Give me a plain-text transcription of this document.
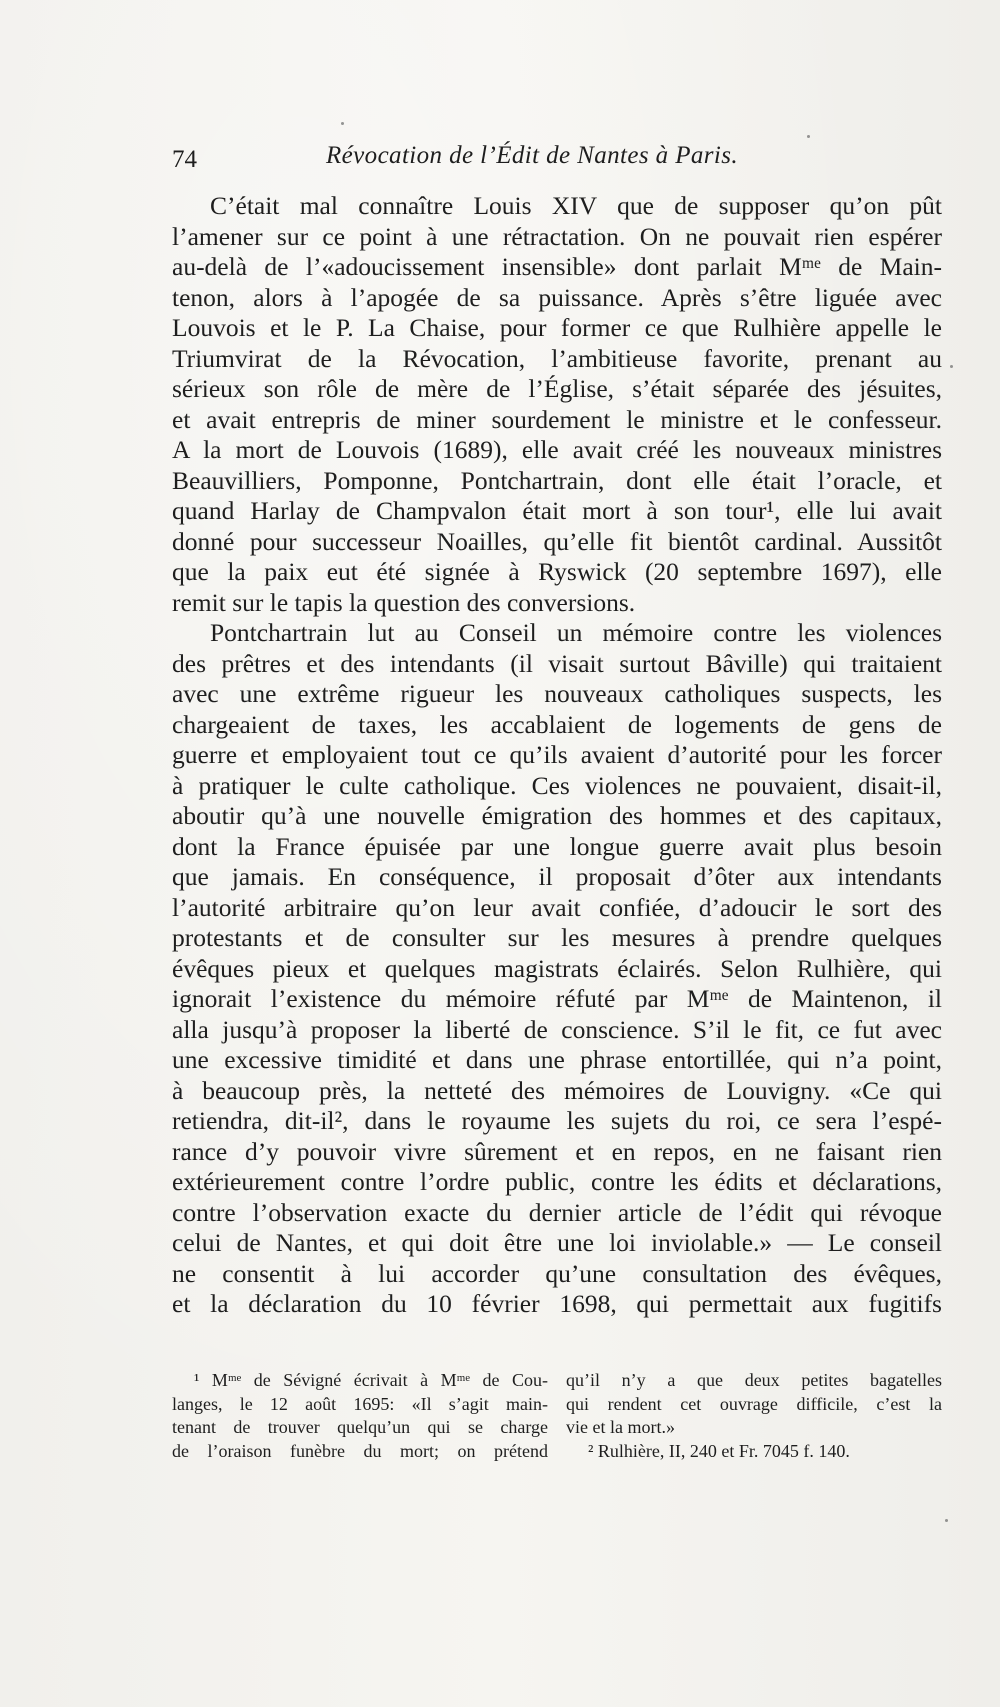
74	Révocation de l’Édit de Nantes à Paris.
C’était mal connaître Louis XIV que de supposer qu’on pût
l’amener sur ce point à une rétractation. On ne pouvait rien espérer
au-delà de l’«adoucissement insensible» dont parlait Mᵐᵉ de Main-
tenon, alors à l’apogée de sa puissance. Après s’être liguée avec
Louvois et le P. La Chaise, pour former ce que Rulhière appelle le
Triumvirat de la Révocation, l’ambitieuse favorite, prenant au
sérieux son rôle de mère de l’Église, s’était séparée des jésuites,
et avait entrepris de miner sourdement le ministre et le confesseur.
A la mort de Louvois (1689), elle avait créé les nouveaux ministres
Beauvilliers, Pomponne, Pontchartrain, dont elle était l’oracle, et
quand Harlay de Champvalon était mort à son tour¹, elle lui avait
donné pour successeur Noailles, qu’elle fit bientôt cardinal. Aussitôt
que la paix eut été signée à Ryswick (20 septembre 1697), elle
remit sur le tapis la question des conversions.
Pontchartrain lut au Conseil un mémoire contre les violences
des prêtres et des intendants (il visait surtout Bâville) qui traitaient
avec une extrême rigueur les nouveaux catholiques suspects, les
chargeaient de taxes, les accablaient de logements de gens de
guerre et employaient tout ce qu’ils avaient d’autorité pour les forcer
à pratiquer le culte catholique. Ces violences ne pouvaient, disait-il,
aboutir qu’à une nouvelle émigration des hommes et des capitaux,
dont la France épuisée par une longue guerre avait plus besoin
que jamais. En conséquence, il proposait d’ôter aux intendants
l’autorité arbitraire qu’on leur avait confiée, d’adoucir le sort des
protestants et de consulter sur les mesures à prendre quelques
évêques pieux et quelques magistrats éclairés. Selon Rulhière, qui
ignorait l’existence du mémoire réfuté par Mᵐᵉ de Maintenon, il
alla jusqu’à proposer la liberté de conscience. S’il le fit, ce fut avec
une excessive timidité et dans une phrase entortillée, qui n’a point,
à beaucoup près, la netteté des mémoires de Louvigny. «Ce qui
retiendra, dit-il², dans le royaume les sujets du roi, ce sera l’espé-
rance d’y pouvoir vivre sûrement et en repos, en ne faisant rien
extérieurement contre l’ordre public, contre les édits et déclarations,
contre l’observation exacte du dernier article de l’édit qui révoque
celui de Nantes, et qui doit être une loi inviolable.» — Le conseil
ne consentit à lui accorder qu’une consultation des évêques,
et la déclaration du 10 février 1698, qui permettait aux fugitifs
¹ Mᵐᵉ de Sévigné écrivait à Mᵐᵉ de Cou-
langes, le 12 août 1695: «Il s’agit main-
tenant de trouver quelqu’un qui se charge
de l’oraison funèbre du mort; on prétend
qu’il n’y a que deux petites bagatelles
qui rendent cet ouvrage difficile, c’est la
vie et la mort.»
² Rulhière, II, 240 et Fr. 7045 f. 140.
